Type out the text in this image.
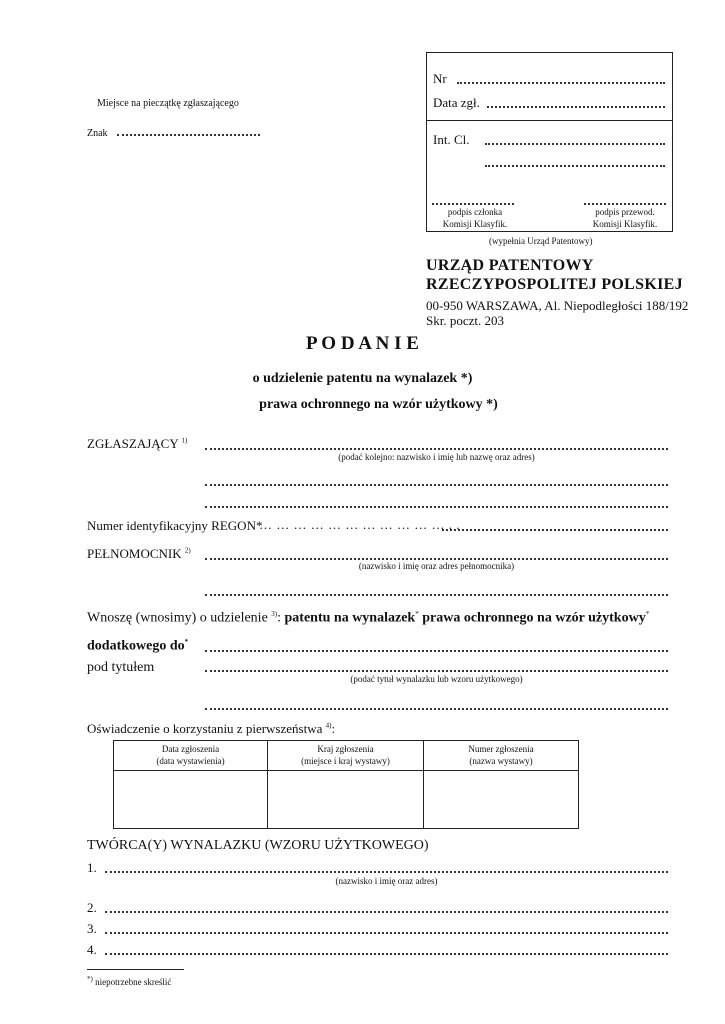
Miejsce na pieczątkę zgłaszającego
Znak
Nr
Data zgł.
Int. Cl.
podpis członka
Komisji Klasyfik.
podpis przewod.
Komisji Klasyfik.
(wypełnia Urząd Patentowy)
URZĄD PATENTOWY
RZECZYPOSPOLITEJ POLSKIEJ
00-950 WARSZAWA, Al. Niepodległości 188/192
Skr. poczt. 203
P O D A N I E
o udzielenie patentu na wynalazek *)
prawa ochronnego na wzór użytkowy *)
ZGŁASZAJĄCY $^{1)}$
(podać kolejno: nazwisko i imię lub nazwę oraz adres)
Numer identyfikacyjny REGON*
… … … … … … … … … … … . .
PEŁNOMOCNIK $^{2)}$
(nazwisko i imię oraz adres pełnomocnika)
Wnoszę (wnosimy) o udzielenie $^{3)}$: patentu na wynalazek* prawa ochronnego na wzór użytkowy*
dodatkowego do*
pod tytułem
(podać tytuł wynalazku lub wzoru użytkowego)
Oświadczenie o korzystaniu z pierwszeństwa $^{4)}$:
Data zgłoszenia
(data wystawienia)
Kraj zgłoszenia
(miejsce i kraj wystawy)
Numer zgłoszenia
(nazwa wystawy)
TWÓRCA(Y) WYNALAZKU (WZORU UŻYTKOWEGO)
1.
(nazwisko i imię oraz adres)
2.
3.
4.
*) niepotrzebne skreślić
